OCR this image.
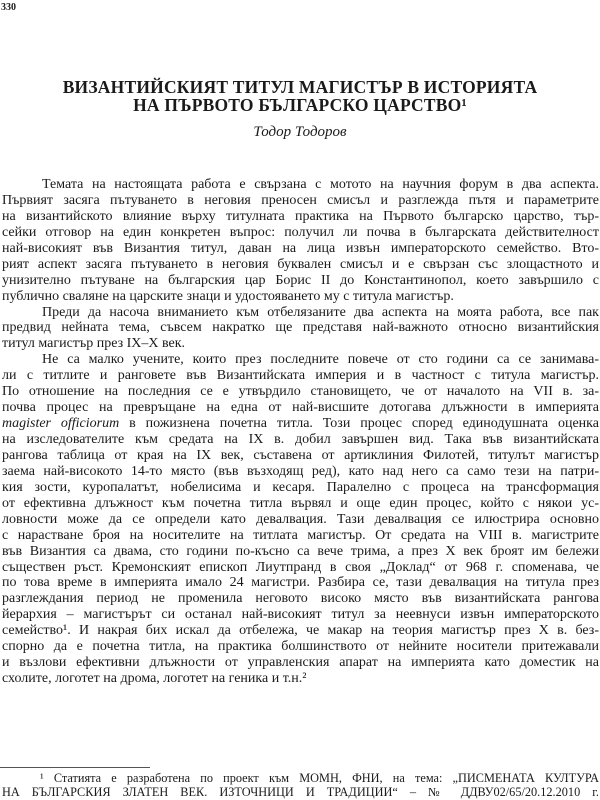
330
ВИЗАНТИЙСКИЯТ ТИТУЛ МАГИСТЪР В ИСТОРИЯТА
НА ПЪРВОТО БЪЛГАРСКО ЦАРСТВО¹
Тодор Тодоров
Темата на настоящата работа е свързана с мотото на научния форум в два аспекта.
Първият засяга пътуването в неговия преносен смисъл и разглежда пътя и параметрите
на византийското влияние върху титулната практика на Първото българско царство, тър-
сейки отговор на един конкретен въпрос: получил ли почва в българската действителност
най-високият във Византия титул, даван на лица извън императорското семейство. Вто-
рият аспект засяга пътуването в неговия буквален смисъл и е свързан със злощастното и
унизително пътуване на българския цар Борис II до Константинопол, което завършило с
публично сваляне на царските знаци и удостояването му с титула магистър.
Преди да насоча вниманието към отбелязаните два аспекта на моята работа, все пак
предвид нейната тема, съвсем накратко ще представя най-важното относно византийския
титул магистър през IX–X век.
Не са малко учените, които през последните повече от сто години са се занимава-
ли с титлите и ранговете във Византийската империя и в частност с титула магистър.
По отношение на последния се е утвърдило становището, че от началото на VII в. за-
почва процес на превръщане на една от най-висшите дотогава длъжности в империята
magister officiorum в пожизнена почетна титла. Този процес според единодушната оценка
на изследователите към средата на IX в. добил завършен вид. Така във византийската
рангова таблица от края на IX век, съставена от артиклиния Филотей, титулът магистър
заема най-високото 14-то място (във възходящ ред), като над него са само тези на патри-
кия зости, куропалатът, нобелисима и кесаря. Паралелно с процеса на трансформация
от ефективна длъжност към почетна титла вървял и още един процес, който с някои ус-
ловности може да се определи като девалвация. Тази девалвация се илюстрира основно
с нарастване броя на носителите на титлата магистър. От средата на VIII в. магистрите
във Византия са двама, сто години по-късно са вече трима, а през X век броят им бележи
съществен ръст. Кремонският епископ Лиутпранд в своя „Доклад“ от 968 г. споменава, че
по това време в империята имало 24 магистри. Разбира се, тази девалвация на титула през
разглеждания период не променила неговото високо място във византийската рангова
йерархия – магистърът си останал най-високият титул за неевнуси извън императорското
семейство¹. И накрая бих искал да отбележа, че макар на теория магистър през X в. без-
спорно да е почетна титла, на практика болшинството от нейните носители притежавали
и възлови ефективни длъжности от управленския апарат на империята като доместик на
схолите, логотет на дрома, логотет на геника и т.н.²
¹ Статията е разработена по проект към МОМН, ФНИ, на тема: „ПИСМЕНАТА КУЛТУРА
НА БЪЛГАРСКИЯ ЗЛАТЕН ВЕК. ИЗТОЧНИЦИ И ТРАДИЦИИ“ – № ДДВУ02/65/20.12.2010 г.
